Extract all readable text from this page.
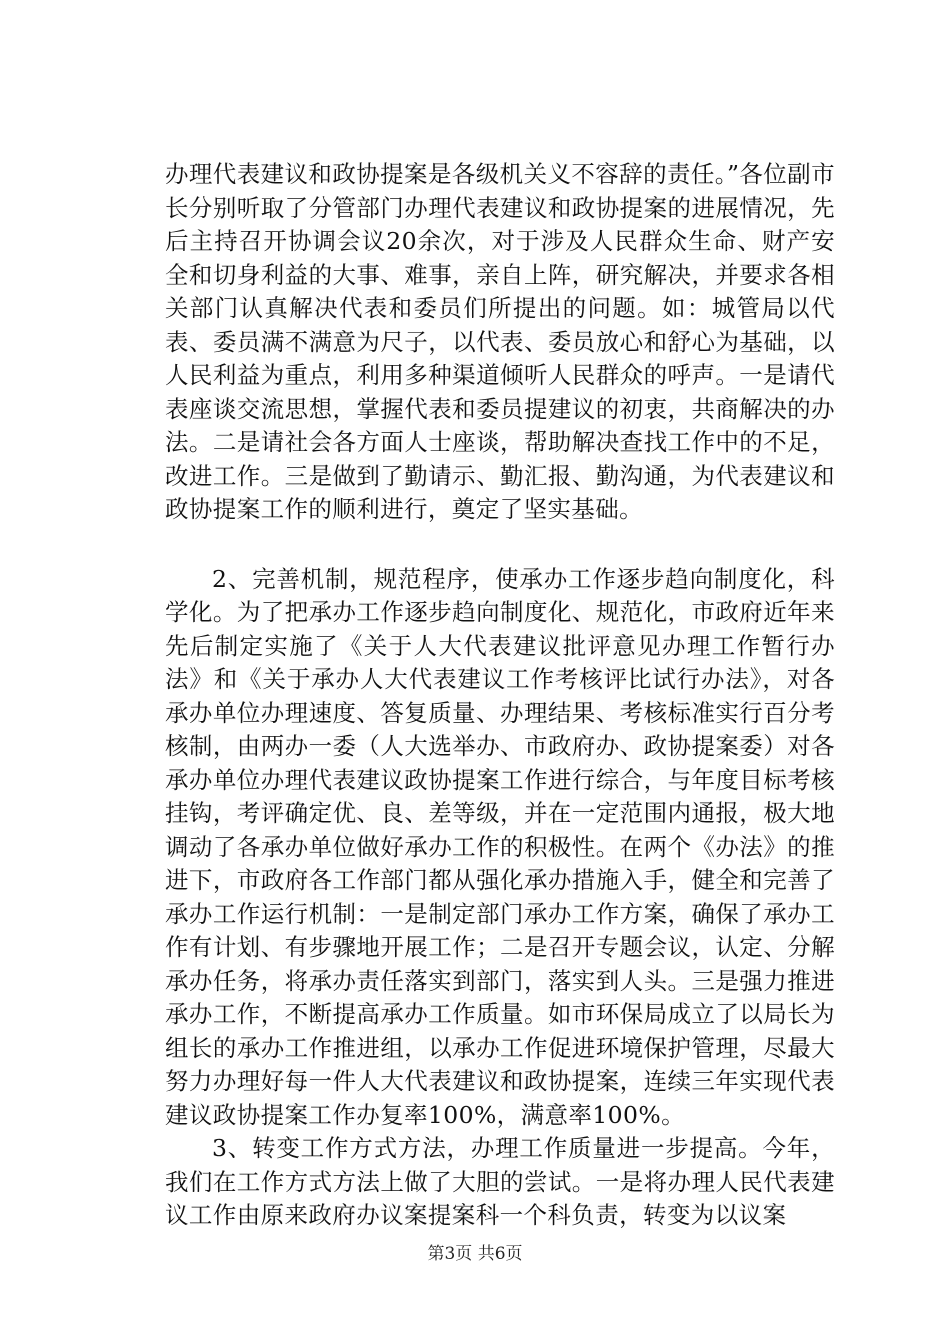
办理代表建议和政协提案是各级机关义不容辞的责任。”各位副市长分别听取了分管部门办理代表建议和政协提案的进展情况，先后主持召开协调会议20余次，对于涉及人民群众生命、财产安全和切身利益的大事、难事，亲自上阵，研究解决，并要求各相关部门认真解决代表和委员们所提出的问题。如：城管局以代表、委员满不满意为尺子，以代表、委员放心和舒心为基础，以人民利益为重点，利用多种渠道倾听人民群众的呼声。一是请代表座谈交流思想，掌握代表和委员提建议的初衷，共商解决的办法。二是请社会各方面人士座谈，帮助解决查找工作中的不足，改进工作。三是做到了勤请示、勤汇报、勤沟通，为代表建议和政协提案工作的顺利进行，奠定了坚实基础。

2、完善机制，规范程序，使承办工作逐步趋向制度化，科学化。为了把承办工作逐步趋向制度化、规范化，市政府近年来先后制定实施了《关于人大代表建议批评意见办理工作暂行办法》和《关于承办人大代表建议工作考核评比试行办法》，对各承办单位办理速度、答复质量、办理结果、考核标准实行百分考核制，由两办一委（人大选举办、市政府办、政协提案委）对各承办单位办理代表建议政协提案工作进行综合，与年度目标考核挂钩，考评确定优、良、差等级，并在一定范围内通报，极大地调动了各承办单位做好承办工作的积极性。在两个《办法》的推进下，市政府各工作部门都从强化承办措施入手，健全和完善了承办工作运行机制：一是制定部门承办工作方案，确保了承办工作有计划、有步骤地开展工作；二是召开专题会议，认定、分解承办任务，将承办责任落实到部门，落实到人头。三是强力推进承办工作，不断提高承办工作质量。如市环保局成立了以局长为组长的承办工作推进组，以承办工作促进环境保护管理，尽最大努力办理好每一件人大代表建议和政协提案，连续三年实现代表建议政协提案工作办复率100%，满意率100%。

3、转变工作方式方法，办理工作质量进一步提高。今年，我们在工作方式方法上做了大胆的尝试。一是将办理人民代表建议工作由原来政府办议案提案科一个科负责，转变为以议案

第3页 共6页
